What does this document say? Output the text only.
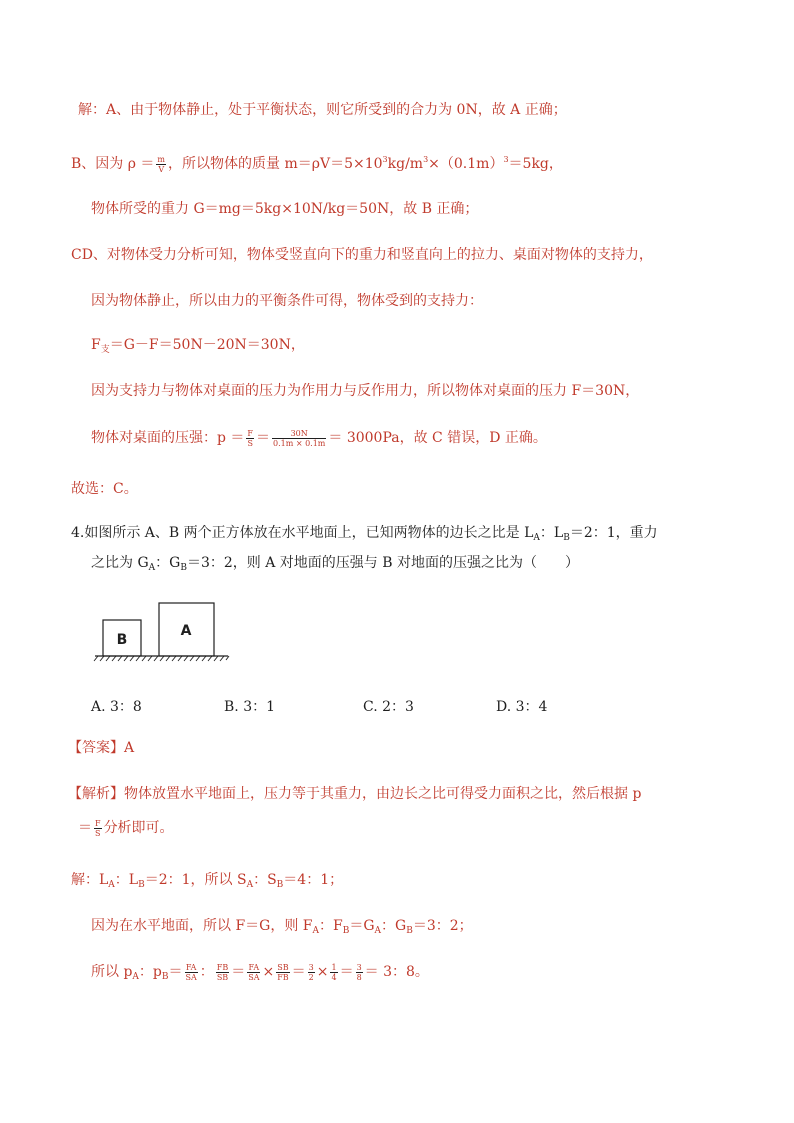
解：A、由于物体静止，处于平衡状态，则它所受到的合力为 0N，故 A 正确；
B、因为 $\rho = \frac{m}{V}$ ，所以物体的质量 $m=\rho V=5\times 10^3kg/m^3\times(0.1m)^3=5kg$，
物体所受的重力 G＝mg＝5kg×10N/kg＝50N，故 B 正确；
CD、对物体受力分析可知，物体受竖直向下的重力和竖直向上的拉力、桌面对物体的支持力，
因为物体静止，所以由力的平衡条件可得，物体受到的支持力：
$F_支=G-F=50N-20N=30N$，
因为支持力与物体对桌面的压力为作用力与反作用力，所以物体对桌面的压力 F＝30N，
物体对桌面的压强：$p = \frac{F}{S} = \frac{30N}{0.1m \times 0.1m} = 3000Pa$，故 C 错误，D 正确。
故选：C。
4.如图所示 A、B 两个正方体放在水平地面上，已知两物体的边长之比是 $L_A$：$L_B=2$：1，重力
之比为 $G_A$：$G_B=3$：2，则 A 对地面的压强与 B 对地面的压强之比为（　　）
B
A
A. 3：8	B. 3：1	C. 2：3	D. 3：4
【答案】A
【解析】物体放置水平地面上，压力等于其重力，由边长之比可得受力面积之比，然后根据 p
＝ $\frac{F}{S}$ 分析即可。
解：$L_A$：$L_B=2$：1，所以 $S_A$：$S_B=4$：1；
因为在水平地面，所以 F＝G，则 $F_A$：$F_B=G_A$：$G_B=3$：2；
所以 $p_A$：$p_B= \frac{FA}{SA}$ ： $\frac{FB}{SB} = \frac{FA}{SA} \times \frac{SB}{FB} = \frac{3}{2} \times \frac{1}{4} = \frac{3}{8} = 3$：8。
